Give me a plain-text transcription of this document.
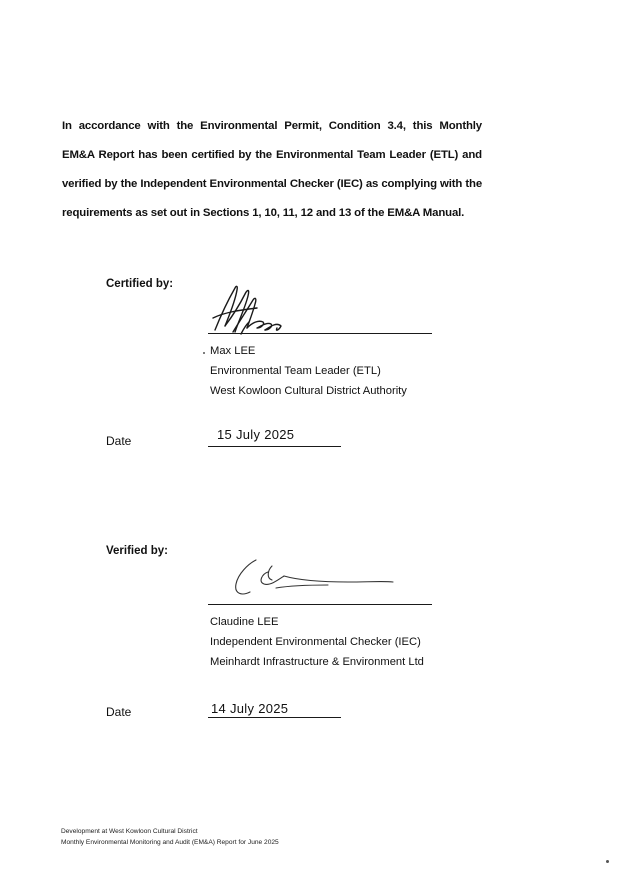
In accordance with the Environmental Permit, Condition 3.4, this Monthly EM&A Report has been certified by the Environmental Team Leader (ETL) and verified by the Independent Environmental Checker (IEC) as complying with the requirements as set out in Sections 1, 10, 11, 12 and 13 of the EM&A Manual.

Certified by:
Max LEE
Environmental Team Leader (ETL)
West Kowloon Cultural District Authority
Date	15 July 2025
Verified by:
Claudine LEE
Independent Environmental Checker (IEC)
Meinhardt Infrastructure & Environment Ltd
Date	14 July 2025
Development at West Kowloon Cultural District
Monthly Environmental Monitoring and Audit (EM&A) Report for June 2025
